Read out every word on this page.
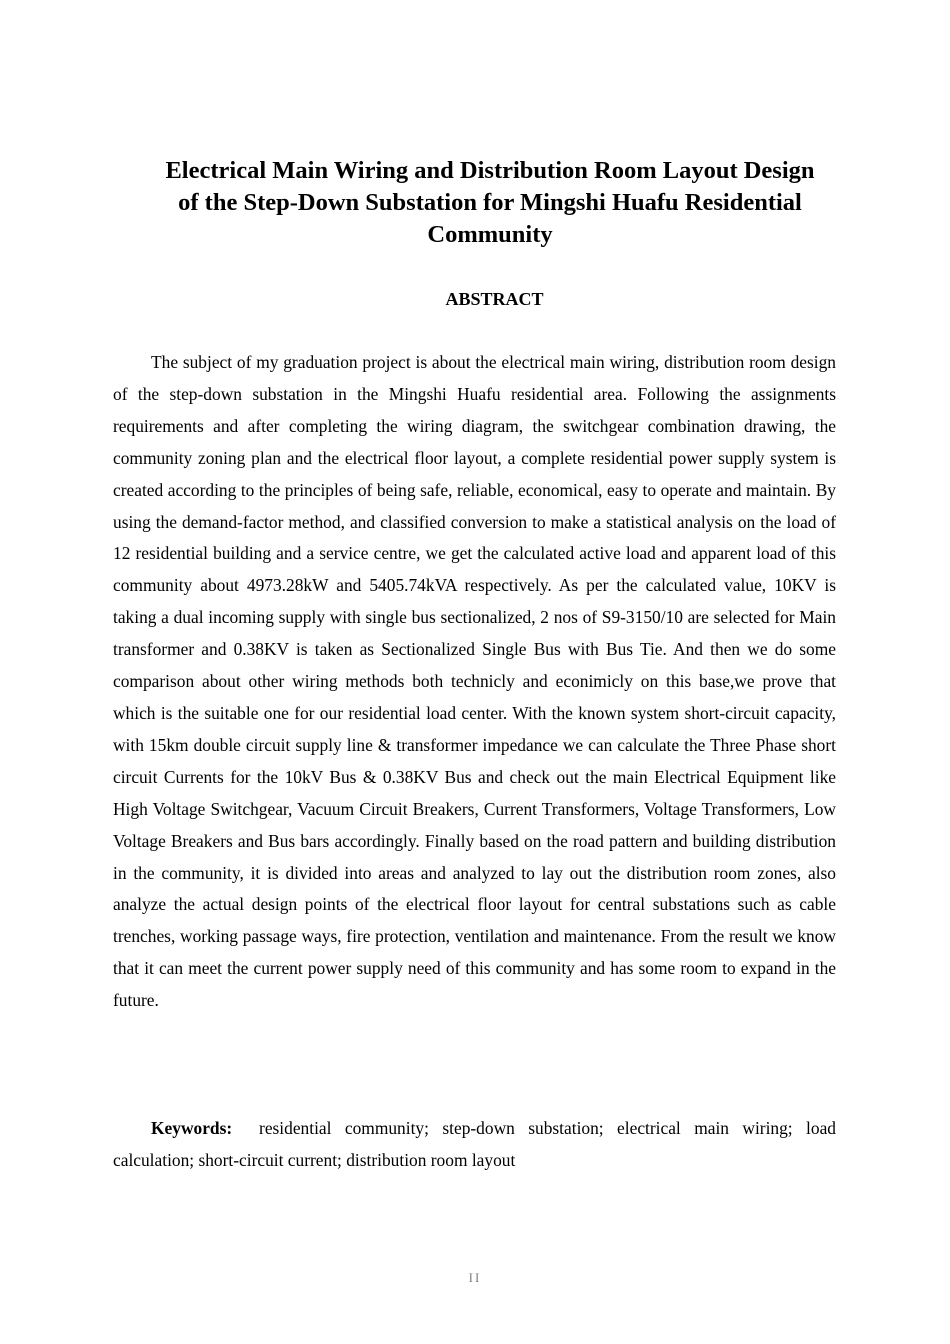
Electrical Main Wiring and Distribution Room Layout Design
of the Step-Down Substation for Mingshi Huafu Residential
Community
ABSTRACT

The subject of my graduation project is about the electrical main wiring, distribution room design of the step-down substation in the Mingshi Huafu residential area. Following the assignments requirements and after completing the wiring diagram, the switchgear combination drawing, the community zoning plan and the electrical floor layout, a complete residential power supply system is created according to the principles of being safe, reliable, economical, easy to operate and maintain. By using the demand-factor method, and classified conversion to make a statistical analysis on the load of 12 residential building and a service centre, we get the calculated active load and apparent load of this community about 4973.28kW and 5405.74kVA respectively. As per the calculated value, 10KV is taking a dual incoming supply with single bus sectionalized, 2 nos of S9-3150/10 are selected for Main transformer and 0.38KV is taken as Sectionalized Single Bus with Bus Tie. And then we do some comparison about other wiring methods both technicly and econimicly on this base,we prove that which is the suitable one for our residential load center. With the known system short-circuit capacity, with 15km double circuit supply line & transformer impedance we can calculate the Three Phase short circuit Currents for the 10kV Bus & 0.38KV Bus and check out the main Electrical Equipment like High Voltage Switchgear, Vacuum Circuit Breakers, Current Transformers, Voltage Transformers, Low Voltage Breakers and Bus bars accordingly. Finally based on the road pattern and building distribution in the community, it is divided into areas and analyzed to lay out the distribution room zones, also analyze the actual design points of the electrical floor layout for central substations such as cable trenches, working passage ways, fire protection, ventilation and maintenance. From the result we know that it can meet the current power supply need of this community and has some room to expand in the future.

Keywords: residential community; step-down substation; electrical main wiring; load calculation; short-circuit current; distribution room layout

II
